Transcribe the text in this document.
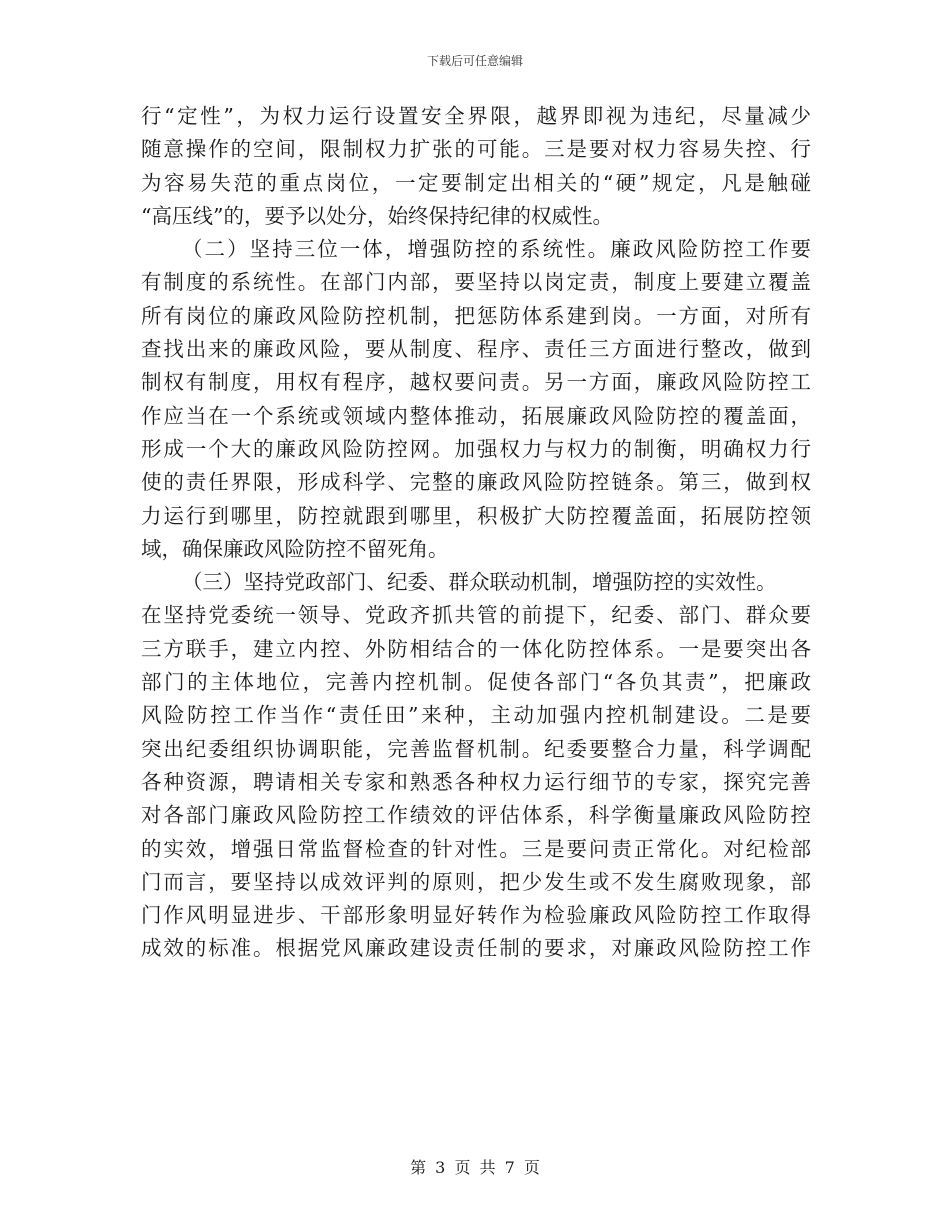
下载后可任意编辑
行“定性”，为权力运行设置安全界限，越界即视为违纪，尽量减少
随意操作的空间，限制权力扩张的可能。三是要对权力容易失控、行
为容易失范的重点岗位，一定要制定出相关的“硬”规定，凡是触碰
“高压线”的，要予以处分，始终保持纪律的权威性。
（二）坚持三位一体，增强防控的系统性。廉政风险防控工作要
有制度的系统性。在部门内部，要坚持以岗定责，制度上要建立覆盖
所有岗位的廉政风险防控机制，把惩防体系建到岗。一方面，对所有
查找出来的廉政风险，要从制度、程序、责任三方面进行整改，做到
制权有制度，用权有程序，越权要问责。另一方面，廉政风险防控工
作应当在一个系统或领域内整体推动，拓展廉政风险防控的覆盖面，
形成一个大的廉政风险防控网。加强权力与权力的制衡，明确权力行
使的责任界限，形成科学、完整的廉政风险防控链条。第三，做到权
力运行到哪里，防控就跟到哪里，积极扩大防控覆盖面，拓展防控领
域，确保廉政风险防控不留死角。
（三）坚持党政部门、纪委、群众联动机制，增强防控的实效性。
在坚持党委统一领导、党政齐抓共管的前提下，纪委、部门、群众要
三方联手，建立内控、外防相结合的一体化防控体系。一是要突出各
部门的主体地位，完善内控机制。促使各部门“各负其责”，把廉政
风险防控工作当作“责任田”来种，主动加强内控机制建设。二是要
突出纪委组织协调职能，完善监督机制。纪委要整合力量，科学调配
各种资源，聘请相关专家和熟悉各种权力运行细节的专家，探究完善
对各部门廉政风险防控工作绩效的评估体系，科学衡量廉政风险防控
的实效，增强日常监督检查的针对性。三是要问责正常化。对纪检部
门而言，要坚持以成效评判的原则，把少发生或不发生腐败现象，部
门作风明显进步、干部形象明显好转作为检验廉政风险防控工作取得
成效的标准。根据党风廉政建设责任制的要求，对廉政风险防控工作
第 3 页 共 7 页
